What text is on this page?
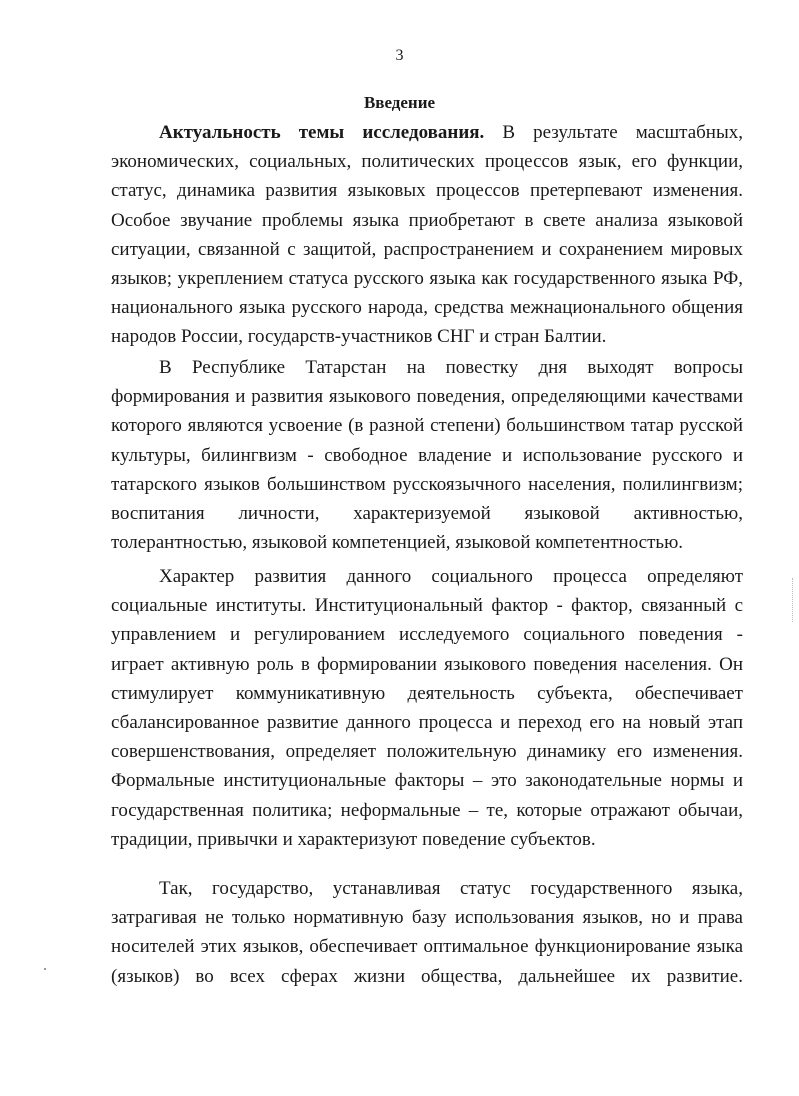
3
Введение
Актуальность темы исследования. В результате масштабных,
экономических, социальных, политических процессов язык, его функции,
статус, динамика развития языковых процессов претерпевают изменения.
Особое звучание проблемы языка приобретают в свете анализа языковой
ситуации, связанной с защитой, распространением и сохранением мировых
языков; укреплением статуса русского языка как государственного языка РФ,
национального языка русского народа, средства межнационального общения
народов России, государств-участников СНГ и стран Балтии.
В Республике Татарстан на повестку дня выходят вопросы
формирования и развития языкового поведения, определяющими качествами
которого являются усвоение (в разной степени) большинством татар русской
культуры, билингвизм - свободное владение и использование русского и
татарского языков большинством русскоязычного населения, полилингвизм;
воспитания личности, характеризуемой языковой активностью,
толерантностью, языковой компетенцией, языковой компетентностью.
Характер развития данного социального процесса определяют
социальные институты. Институциональный фактор - фактор, связанный с
управлением и регулированием исследуемого социального поведения -
играет активную роль в формировании языкового поведения населения. Он
стимулирует коммуникативную деятельность субъекта, обеспечивает
сбалансированное развитие данного процесса и переход его на новый этап
совершенствования, определяет положительную динамику его изменения.
Формальные институциональные факторы – это законодательные нормы и
государственная политика; неформальные – те, которые отражают обычаи,
традиции, привычки и характеризуют поведение субъектов.
Так, государство, устанавливая статус государственного языка,
затрагивая не только нормативную базу использования языков, но и права
носителей этих языков, обеспечивает оптимальное функционирование языка
(языков) во всех сферах жизни общества, дальнейшее их развитие.
